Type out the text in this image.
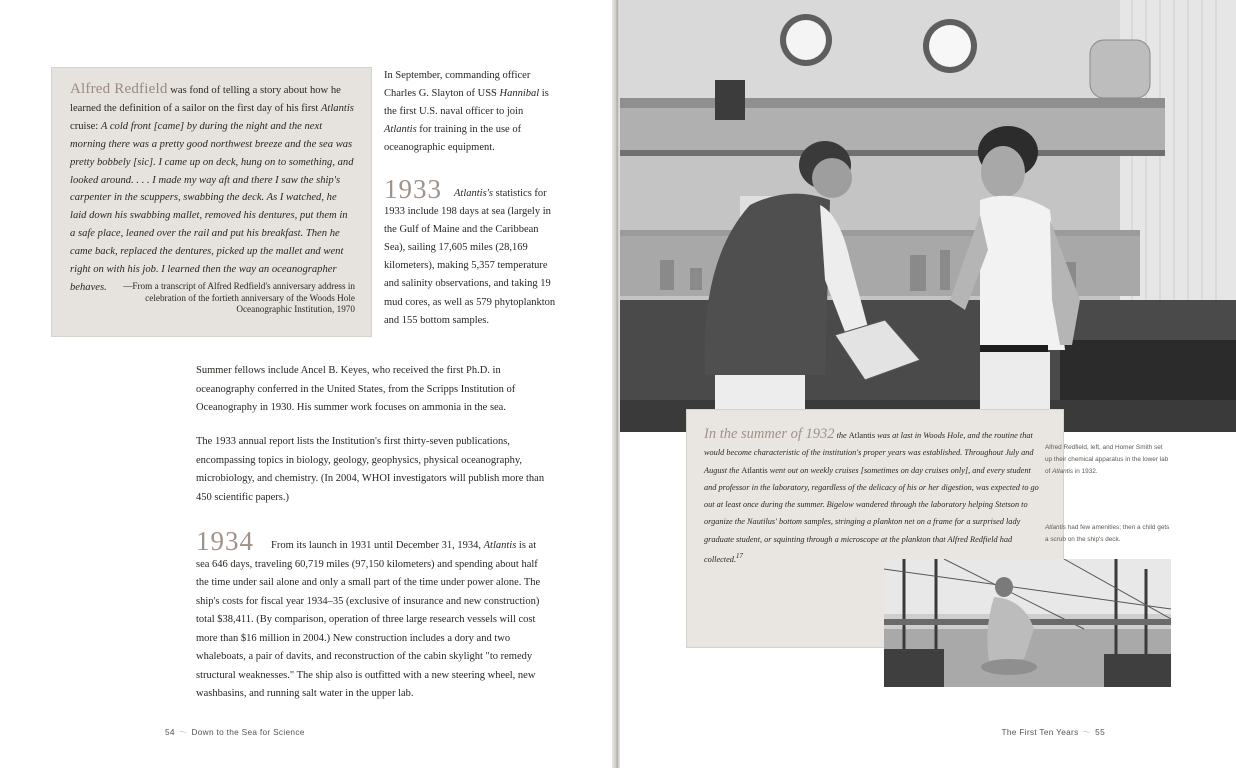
Alfred Redfield was fond of telling a story about how he learned the definition of a sailor on the first day of his first Atlantis cruise: A cold front [came] by during the night and the next morning there was a pretty good northwest breeze and the sea was pretty bobbely [sic]. I came up on deck, hung on to something, and looked around. . . . I made my way aft and there I saw the ship's carpenter in the scuppers, swabbing the deck. As I watched, he laid down his swabbing mallet, removed his dentures, put them in a safe place, leaned over the rail and put his breakfast. Then he came back, replaced the dentures, picked up the mallet and went right on with his job. I learned then the way an oceanographer behaves.	—From a transcript of Alfred Redfield's anniversary address in celebration of the fortieth anniversary of the Woods Hole Oceanographic Institution, 1970

In September, commanding officer Charles G. Slayton of USS Hannibal is the first U.S. naval officer to join Atlantis for training in the use of oceanographic equipment.

1933	Atlantis's statistics for 1933 include 198 days at sea (largely in the Gulf of Maine and the Caribbean Sea), sailing 17,605 miles (28,169 kilometers), making 5,357 temperature and salinity observations, and taking 19 mud cores, as well as 579 phytoplankton and 155 bottom samples.

Summer fellows include Ancel B. Keyes, who received the first Ph.D. in oceanography conferred in the United States, from the Scripps Institution of Oceanography in 1930. His summer work focuses on ammonia in the sea.

The 1933 annual report lists the Institution's first thirty-seven publications, encompassing topics in biology, geology, geophysics, physical oceanography, microbiology, and chemistry. (In 2004, WHOI investigators will publish more than 450 scientific papers.)

1934	From its launch in 1931 until December 31, 1934, Atlantis is at sea 646 days, traveling 60,719 miles (97,150 kilometers) and spending about half the time under sail alone and only a small part of the time under power alone. The ship's costs for fiscal year 1934–35 (exclusive of insurance and new construction) total $38,411. (By comparison, operation of three large research vessels will cost more than $16 million in 2004.) New construction includes a dory and two whaleboats, a pair of davits, and reconstruction of the cabin skylight "to remedy structural weaknesses." The ship also is outfitted with a new steering wheel, new washbasins, and running salt water in the upper lab.

54 〜 Down to the Sea for Science

In the summer of 1932 the Atlantis was at last in Woods Hole, and the routine that would become characteristic of the institution's proper years was established. Throughout July and August the Atlantis went out on weekly cruises [sometimes on day cruises only], and every student and professor in the laboratory, regardless of the delicacy of his or her digestion, was expected to go out at least once during the summer. Bigelow wandered through the laboratory helping Stetson to organize the Nautilus' bottom samples, stringing a plankton net on a frame for a surprised lady graduate student, or squinting through a microscope at the plankton that Alfred Redfield had collected.$^{17}$

Alfred Redfield, left, and Homer Smith set up their chemical apparatus in the lower lab of Atlantis in 1932.
Atlantis had few amenities; then a child gets a scrub on the ship's deck.
The First Ten Years 〜 55
